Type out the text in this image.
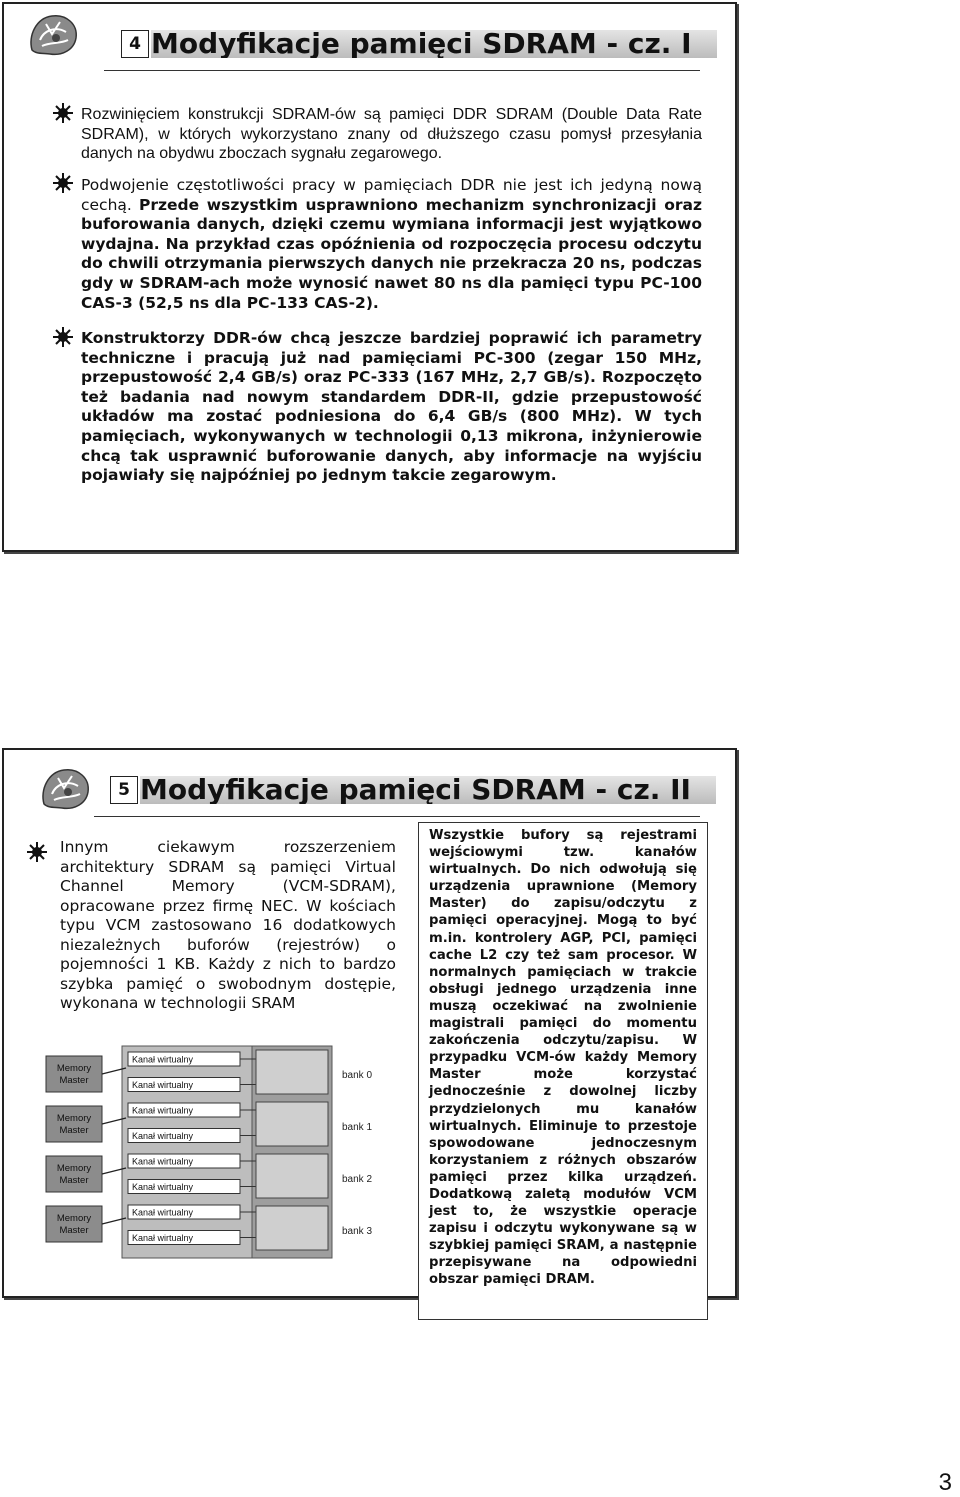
4 Modyfikacje pamięci SDRAM - cz. I
Rozwinięciem konstrukcji SDRAM-ów są pamięci DDR SDRAM (Double Data Rate SDRAM), w których wykorzystano znany od dłuższego czasu pomysł przesyłania danych na obydwu zboczach sygnału zegarowego.
Podwojenie częstotliwości pracy w pamięciach DDR nie jest ich jedyną nową cechą. Przede wszystkim usprawniono mechanizm synchronizacji oraz buforowania danych, dzięki czemu wymiana informacji jest wyjątkowo wydajna. Na przykład czas opóźnienia od rozpoczęcia procesu odczytu do chwili otrzymania pierwszych danych nie przekracza 20 ns, podczas gdy w SDRAM-ach może wynosić nawet 80 ns dla pamięci typu PC-100 CAS-3 (52,5 ns dla PC-133 CAS-2).
Konstruktorzy DDR-ów chcą jeszcze bardziej poprawić ich parametry techniczne i pracują już nad pamięciami PC-300 (zegar 150 MHz, przepustowość 2,4 GB/s) oraz PC-333 (167 MHz, 2,7 GB/s). Rozpoczęto też badania nad nowym standardem DDR-II, gdzie przepustowość układów ma zostać podniesiona do 6,4 GB/s (800 MHz). W tych pamięciach, wykonywanych w technologii 0,13 mikrona, inżynierowie chcą tak usprawnić buforowanie danych, aby informacje na wyjściu pojawiały się najpóźniej po jednym takcie zegarowym.
5 Modyfikacje pamięci SDRAM - cz. II
Innym ciekawym rozszerzeniem architektury SDRAM są pamięci Virtual Channel Memory (VCM-SDRAM), opracowane przez firmę NEC. W kościach typu VCM zastosowano 16 dodatkowych niezależnych buforów (rejestrów) o pojemności 1 KB. Każdy z nich to bardzo szybka pamięć o swobodnym dostępie, wykonana w technologii SRAM
Wszystkie bufory są rejestrami wejściowymi tzw. kanałów wirtualnych. Do nich odwołują się urządzenia uprawnione (Memory Master) do zapisu/odczytu z pamięci operacyjnej. Mogą to być m.in. kontrolery AGP, PCI, pamięci cache L2 czy też sam procesor. W normalnych pamięciach w trakcie obsługi jednego urządzenia inne muszą oczekiwać na zwolnienie magistrali pamięci do momentu zakończenia odczytu/zapisu. W przypadku VCM-ów każdy Memory Master może korzystać jednocześnie z dowolnej liczby przydzielonych mu kanałów wirtualnych. Eliminuje to przestoje spowodowane jednoczesnym korzystaniem z różnych obszarów pamięci przez kilka urządzeń. Dodatkową zaletą modułów VCM jest to, że wszystkie operacje zapisu i odczytu wykonywane są w szybkiej pamięci SRAM, a następnie przepisywane na odpowiedni obszar pamięci DRAM.
Memory
Master
Memory
Master
Memory
Master
Memory
Master
Kanał wirtualny
Kanał wirtualny
Kanał wirtualny
Kanał wirtualny
Kanał wirtualny
Kanał wirtualny
Kanał wirtualny
Kanał wirtualny
bank 0
bank 1
bank 2
bank 3
3
